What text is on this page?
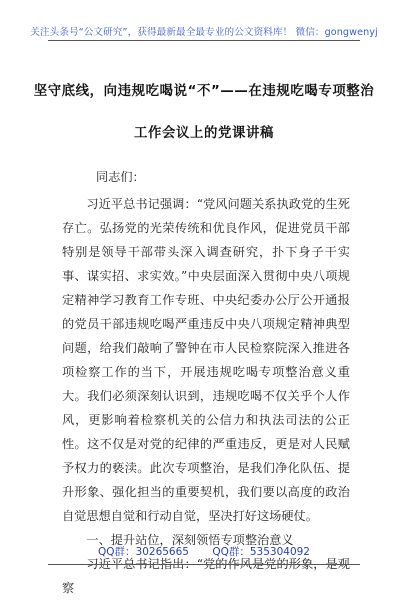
关注头条号“公文研究”，获得最新最全最专业的公文资料库！ 微信：gongwenyj
坚守底线，向违规吃喝说“不”——在违规吃喝专项整治
工作会议上的党课讲稿
同志们：

习近平总书记强调：“党风问题关系执政党的生死存亡。弘扬党的光荣传统和优良作风，促进党员干部特别是领导干部带头深入调查研究，扑下身子干实事、谋实招、求实效。”中央层面深入贯彻中央八项规定精神学习教育工作专班、中央纪委办公厅公开通报的党员干部违规吃喝严重违反中央八项规定精神典型问题，给我们敲响了警钟在市人民检察院深入推进各项检察工作的当下，开展违规吃喝专项整治意义重大。我们必须深刻认识到，违规吃喝不仅关乎个人作风，更影响着检察机关的公信力和执法司法的公正性。这不仅是对党的纪律的严重违反，更是对人民赋予权力的亵渎。此次专项整治，是我们净化队伍、提升形象、强化担当的重要契机，我们要以高度的政治自觉思想自觉和行动自觉，坚决打好这场硬仗。

一、提升站位，深刻领悟专项整治意义

习近平总书记指出：“党的作风是党的形象，是观察

QQ群：30265665 QQ群：535304092
